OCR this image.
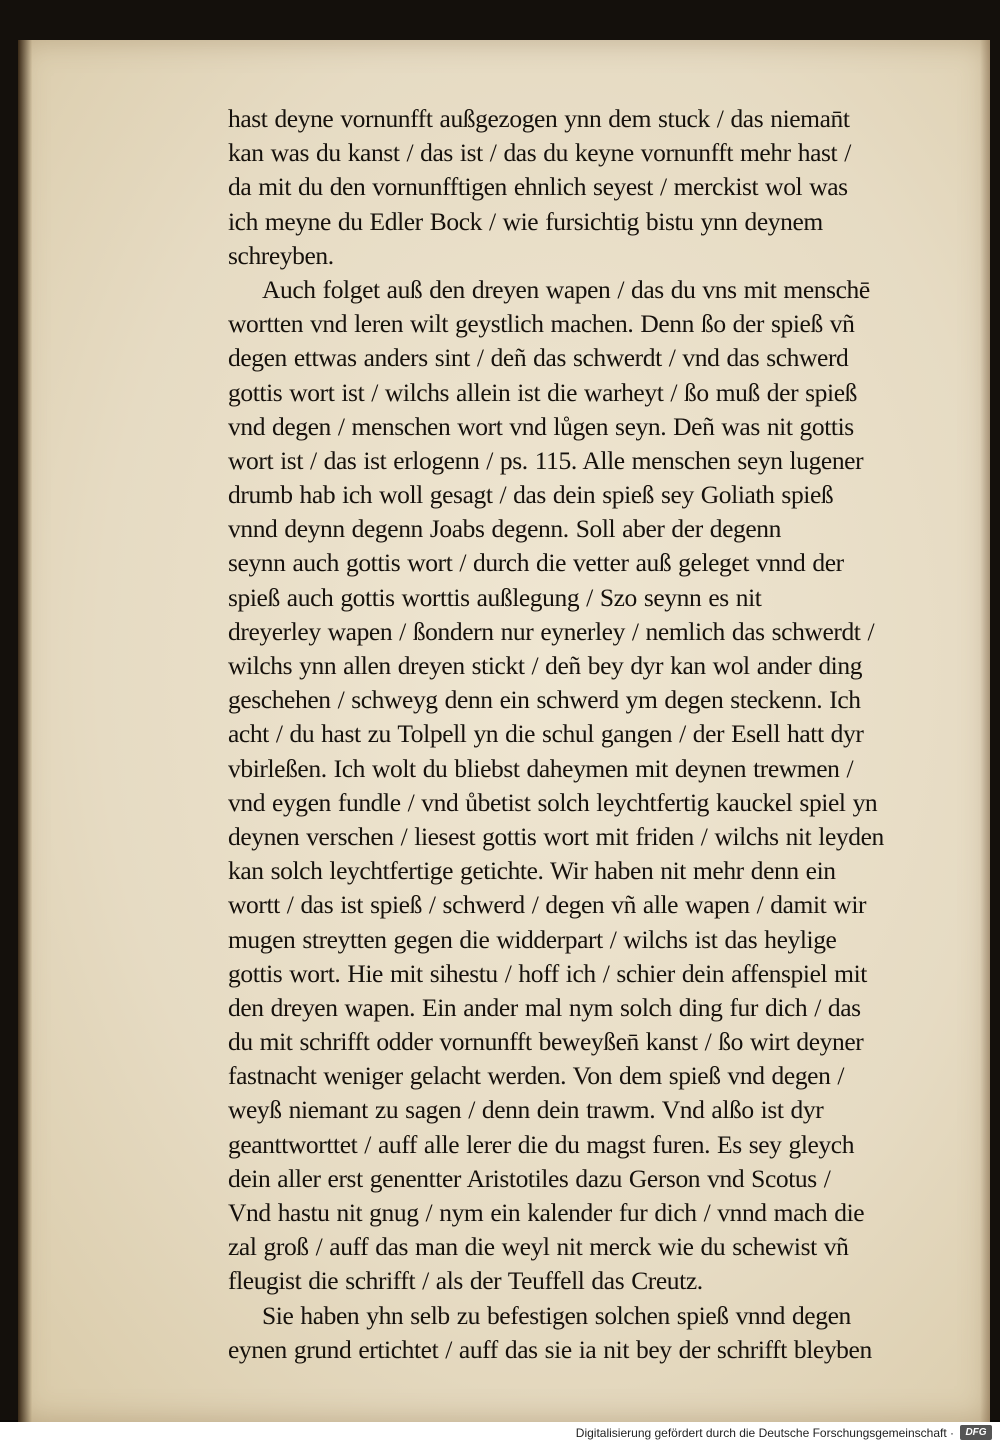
hast deyne vornunfft außgezogen ynn dem stuck / das nieman̄t
kan was du kanst / das ist / das du keyne vornunfft mehr hast /
da mit du den vornunfftigen ehnlich seyest / merckist wol was
ich meyne du Edler Bock / wie fursichtig bistu ynn deynem
schreyben.
Auch folget auß den dreyen wapen / das du vns mit menschē
wortten vnd leren wilt geystlich machen. Denn ßo der spieß vñ
degen ettwas anders sint / deñ das schwerdt / vnd das schwerd
gottis wort ist / wilchs allein ist die warheyt / ßo muß der spieß
vnd degen / menschen wort vnd lůgen seyn. Deñ was nit gottis
wort ist / das ist erlogenn / ps. 115. Alle menschen seyn lugener
drumb hab ich woll gesagt / das dein spieß sey Goliath spieß
vnnd deynn degenn Joabs degenn. Soll aber der degenn
seynn auch gottis wort / durch die vetter auß geleget vnnd der
spieß auch gottis worttis außlegung / Szo seynn es nit
dreyerley wapen / ßondern nur eynerley / nemlich das schwerdt /
wilchs ynn allen dreyen stickt / deñ bey dyr kan wol ander ding
geschehen / schweyg denn ein schwerd ym degen steckenn. Ich
acht / du hast zu Tolpell yn die schul gangen / der Esell hatt dyr
vbirleßen. Ich wolt du bliebst daheymen mit deynen trewmen /
vnd eygen fundle / vnd ůbetist solch leychtfertig kauckel spiel yn
deynen verschen / liesest gottis wort mit friden / wilchs nit leyden
kan solch leychtfertige getichte. Wir haben nit mehr denn ein
wortt / das ist spieß / schwerd / degen vñ alle wapen / damit wir
mugen streytten gegen die widderpart / wilchs ist das heylige
gottis wort. Hie mit sihestu / hoff ich / schier dein affenspiel mit
den dreyen wapen. Ein ander mal nym solch ding fur dich / das
du mit schrifft odder vornunfft beweyßen̄ kanst / ßo wirt deyner
fastnacht weniger gelacht werden. Von dem spieß vnd degen /
weyß niemant zu sagen / denn dein trawm. Vnd alßo ist dyr
geanttworttet / auff alle lerer die du magst furen. Es sey gleych
dein aller erst genentter Aristotiles dazu Gerson vnd Scotus /
Vnd hastu nit gnug / nym ein kalender fur dich / vnnd mach die
zal groß / auff das man die weyl nit merck wie du schewist vñ
fleugist die schrifft / als der Teuffell das Creutz.
Sie haben yhn selb zu befestigen solchen spieß vnnd degen
eynen grund ertichtet / auff das sie ia nit bey der schrifft bleyben
Digitalisierung gefördert durch die Deutsche Forschungsgemeinschaft ·	DFG
